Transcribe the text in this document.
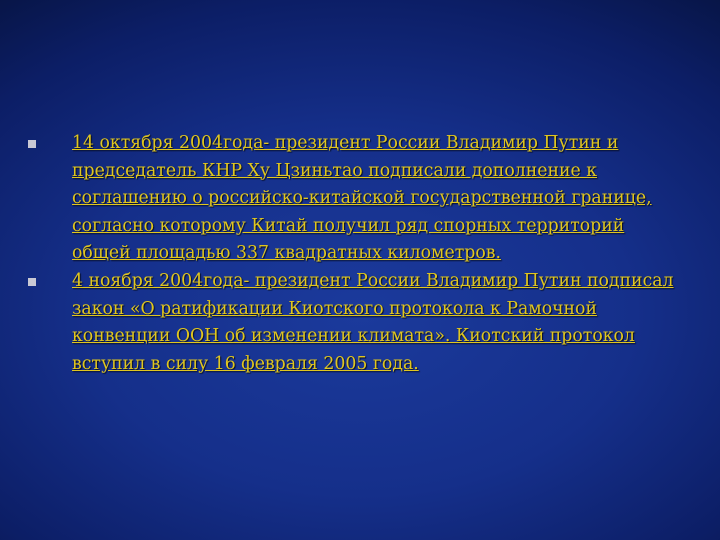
14 октября 2004года- президент России Владимир Путин и председатель КНР Ху Цзиньтао подписали дополнение к соглашению о российско-китайской государственной границе, согласно которому Китай получил ряд спорных территорий общей площадью 337 квадратных километров.
4 ноября 2004года- президент России Владимир Путин подписал закон «О ратификации Киотского протокола к Рамочной конвенции ООН об изменении климата». Киотский протокол вступил в силу 16 февраля 2005 года.
